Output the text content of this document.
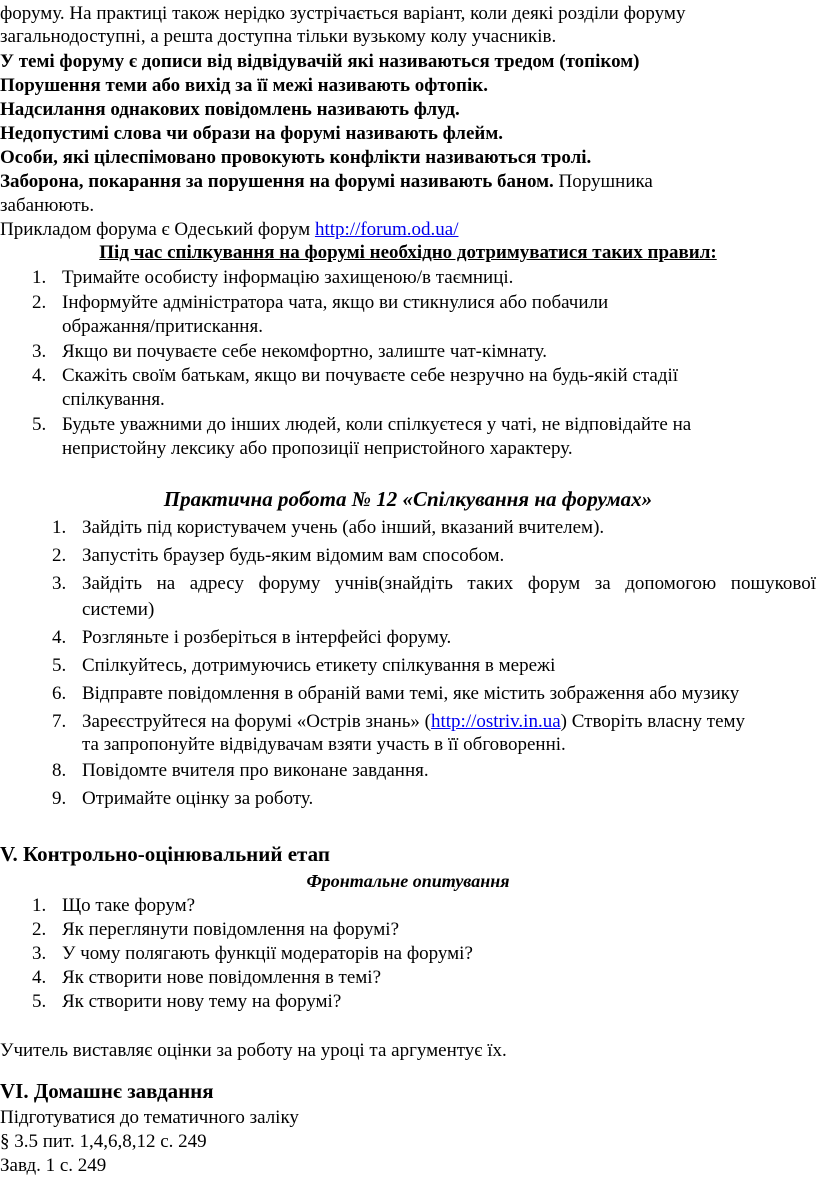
форуму. На практиці також нерідко зустрічається варіант, коли деякі розділи форуму
загальнодоступні, а решта доступна тільки вузькому колу учасників.
У темі форуму є дописи від відвідувачій які називаються тредом (топіком)
Порушення теми або вихід за її межі називають офтопік.
Надсилання однакових повідомлень називають флуд.
Недопустимі слова чи образи на форумі називають флейм.
Особи, які цілеспімовано провокують конфлікти називаються тролі.
Заборона, покарання за порушення на форумі називають баном. Порушника
забанюють.
Прикладом форума є Одеський форум http://forum.od.ua/
Під час спілкування на форумі необхідно дотримуватися таких правил:
1. Тримайте особисту інформацію захищеною/в таємниці.
2. Інформуйте адміністратора чата, якщо ви стикнулися або побачили
ображання/притискання.
3. Якщо ви почуваєте себе некомфортно, залиште чат-кімнату.
4. Скажіть своїм батькам, якщо ви почуваєте себе незручно на будь-якій стадії
спілкування.
5. Будьте уважними до інших людей, коли спілкуєтеся у чаті, не відповідайте на
непристойну лексику або пропозиції непристойного характеру.
Практична робота № 12 «Спілкування на форумах»
1. Зайдіть під користувачем учень (або інший, вказаний вчителем).
2. Запустіть браузер будь-яким відомим вам способом.
3. Зайдіть на адресу форуму учнів(знайдіть таких форум за допомогою пошукової
системи)
4. Розгляньте і розберіться в інтерфейсі форуму.
5. Спілкуйтесь, дотримуючись етикету спілкування в мережі
6. Відправте повідомлення в обраній вами темі, яке містить зображення або музику
7. Зареєструйтеся на форумі «Острів знань» (http://ostriv.in.ua) Створіть власну тему
та запропонуйте відвідувачам взяти участь в її обговоренні.
8. Повідомте вчителя про виконане завдання.
9. Отримайте оцінку за роботу.
V. Контрольно-оцінювальний етап
Фронтальне опитування
1. Що таке форум?
2. Як переглянути повідомлення на форумі?
3. У чому полягають функції модераторів на форумі?
4. Як створити нове повідомлення в темі?
5. Як створити нову тему на форумі?
Учитель виставляє оцінки за роботу на уроці та аргументує їх.
VI. Домашнє завдання
Підготуватися до тематичного заліку
§ 3.5 пит. 1,4,6,8,12 с. 249
Завд. 1 с. 249
